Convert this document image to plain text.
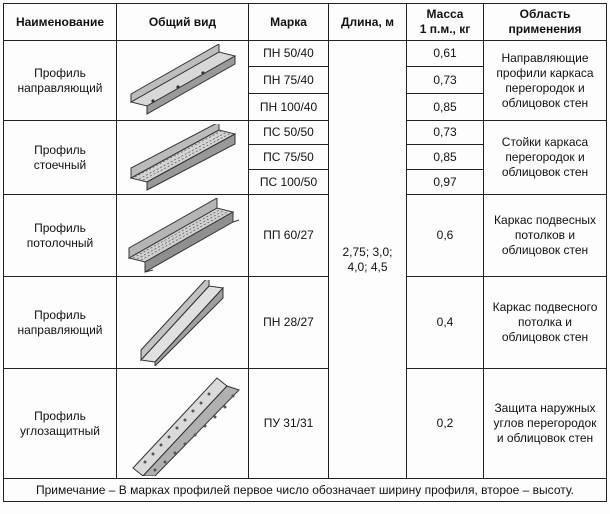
Наименование	Общий вид	Марка	Длина, м	Масса
1 п.м., кг	Область
применения
Профиль
направляющий		ПН 50/40	2,75; 3,0;
4,0; 4,5	0,61	Направляющие
профили каркаса
перегородок и
облицовок стен
		ПН 75/40		0,73	
		ПН 100/40		0,85	
Профиль
стоечный		ПС 50/50		0,73	Стойки каркаса
перегородок и
облицовок стен
		ПС 75/50		0,85	
		ПС 100/50		0,97	
Профиль
потолочный		ПП 60/27		0,6	Каркас подвесных
потолков и
облицовок стен
Профиль
направляющий		ПН 28/27		0,4	Каркас подвесного
потолка и
облицовок стен
Профиль
углозащитный		ПУ 31/31		0,2	Защита наружных
углов перегородок
и облицовок стен
Примечание – В марках профилей первое число обозначает ширину профиля, второе – высоту.					
